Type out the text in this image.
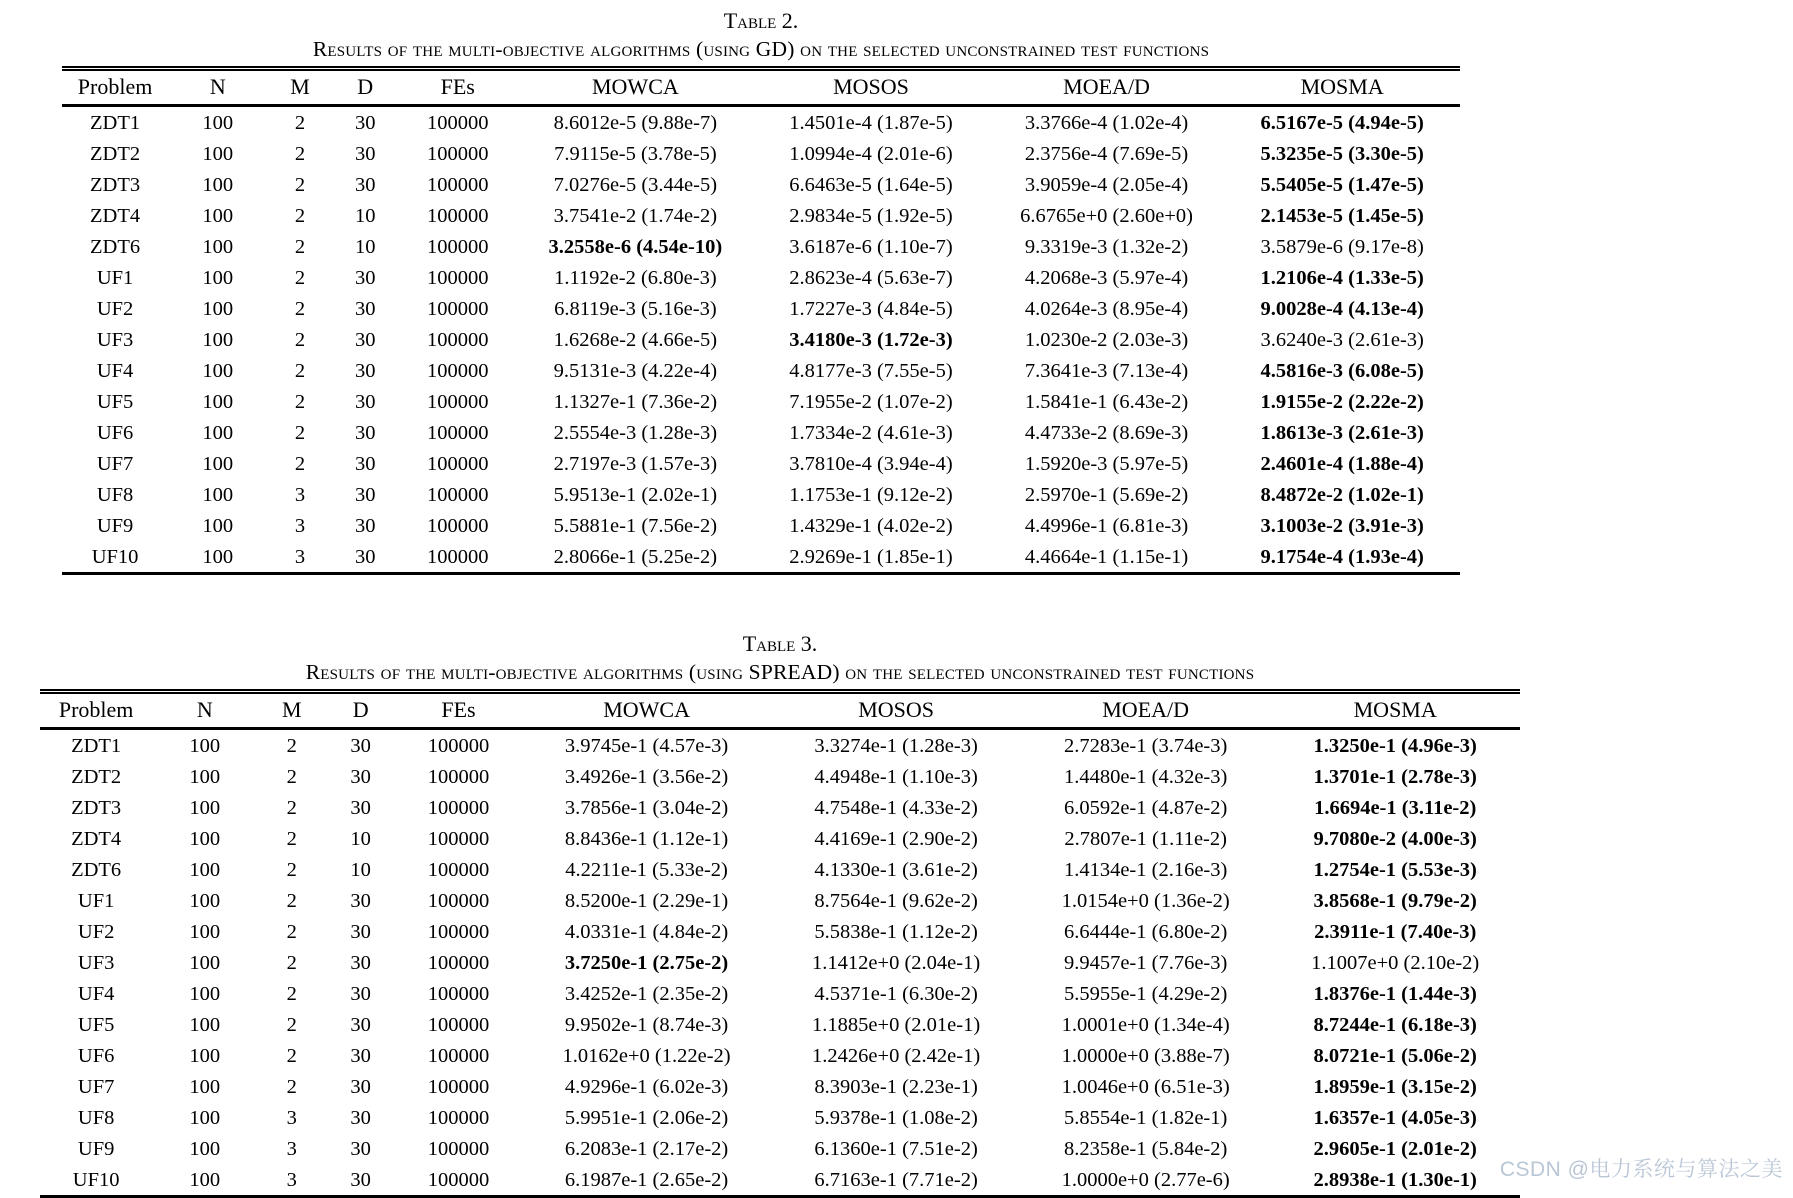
Table 2.
Results of the multi-objective algorithms (using GD) on the selected unconstrained test functions
Problem	N	M	D	FEs	MOWCA	MOSOS	MOEA/D	MOSMA
ZDT1	100	2	30	100000	8.6012e-5 (9.88e-7)	1.4501e-4 (1.87e-5)	3.3766e-4 (1.02e-4)	6.5167e-5 (4.94e-5)
ZDT2	100	2	30	100000	7.9115e-5 (3.78e-5)	1.0994e-4 (2.01e-6)	2.3756e-4 (7.69e-5)	5.3235e-5 (3.30e-5)
ZDT3	100	2	30	100000	7.0276e-5 (3.44e-5)	6.6463e-5 (1.64e-5)	3.9059e-4 (2.05e-4)	5.5405e-5 (1.47e-5)
ZDT4	100	2	10	100000	3.7541e-2 (1.74e-2)	2.9834e-5 (1.92e-5)	6.6765e+0 (2.60e+0)	2.1453e-5 (1.45e-5)
ZDT6	100	2	10	100000	3.2558e-6 (4.54e-10)	3.6187e-6 (1.10e-7)	9.3319e-3 (1.32e-2)	3.5879e-6 (9.17e-8)
UF1	100	2	30	100000	1.1192e-2 (6.80e-3)	2.8623e-4 (5.63e-7)	4.2068e-3 (5.97e-4)	1.2106e-4 (1.33e-5)
UF2	100	2	30	100000	6.8119e-3 (5.16e-3)	1.7227e-3 (4.84e-5)	4.0264e-3 (8.95e-4)	9.0028e-4 (4.13e-4)
UF3	100	2	30	100000	1.6268e-2 (4.66e-5)	3.4180e-3 (1.72e-3)	1.0230e-2 (2.03e-3)	3.6240e-3 (2.61e-3)
UF4	100	2	30	100000	9.5131e-3 (4.22e-4)	4.8177e-3 (7.55e-5)	7.3641e-3 (7.13e-4)	4.5816e-3 (6.08e-5)
UF5	100	2	30	100000	1.1327e-1 (7.36e-2)	7.1955e-2 (1.07e-2)	1.5841e-1 (6.43e-2)	1.9155e-2 (2.22e-2)
UF6	100	2	30	100000	2.5554e-3 (1.28e-3)	1.7334e-2 (4.61e-3)	4.4733e-2 (8.69e-3)	1.8613e-3 (2.61e-3)
UF7	100	2	30	100000	2.7197e-3 (1.57e-3)	3.7810e-4 (3.94e-4)	1.5920e-3 (5.97e-5)	2.4601e-4 (1.88e-4)
UF8	100	3	30	100000	5.9513e-1 (2.02e-1)	1.1753e-1 (9.12e-2)	2.5970e-1 (5.69e-2)	8.4872e-2 (1.02e-1)
UF9	100	3	30	100000	5.5881e-1 (7.56e-2)	1.4329e-1 (4.02e-2)	4.4996e-1 (6.81e-3)	3.1003e-2 (3.91e-3)
UF10	100	3	30	100000	2.8066e-1 (5.25e-2)	2.9269e-1 (1.85e-1)	4.4664e-1 (1.15e-1)	9.1754e-4 (1.93e-4)
Table 3.
Results of the multi-objective algorithms (using SPREAD) on the selected unconstrained test functions
Problem	N	M	D	FEs	MOWCA	MOSOS	MOEA/D	MOSMA
ZDT1	100	2	30	100000	3.9745e-1 (4.57e-3)	3.3274e-1 (1.28e-3)	2.7283e-1 (3.74e-3)	1.3250e-1 (4.96e-3)
ZDT2	100	2	30	100000	3.4926e-1 (3.56e-2)	4.4948e-1 (1.10e-3)	1.4480e-1 (4.32e-3)	1.3701e-1 (2.78e-3)
ZDT3	100	2	30	100000	3.7856e-1 (3.04e-2)	4.7548e-1 (4.33e-2)	6.0592e-1 (4.87e-2)	1.6694e-1 (3.11e-2)
ZDT4	100	2	10	100000	8.8436e-1 (1.12e-1)	4.4169e-1 (2.90e-2)	2.7807e-1 (1.11e-2)	9.7080e-2 (4.00e-3)
ZDT6	100	2	10	100000	4.2211e-1 (5.33e-2)	4.1330e-1 (3.61e-2)	1.4134e-1 (2.16e-3)	1.2754e-1 (5.53e-3)
UF1	100	2	30	100000	8.5200e-1 (2.29e-1)	8.7564e-1 (9.62e-2)	1.0154e+0 (1.36e-2)	3.8568e-1 (9.79e-2)
UF2	100	2	30	100000	4.0331e-1 (4.84e-2)	5.5838e-1 (1.12e-2)	6.6444e-1 (6.80e-2)	2.3911e-1 (7.40e-3)
UF3	100	2	30	100000	3.7250e-1 (2.75e-2)	1.1412e+0 (2.04e-1)	9.9457e-1 (7.76e-3)	1.1007e+0 (2.10e-2)
UF4	100	2	30	100000	3.4252e-1 (2.35e-2)	4.5371e-1 (6.30e-2)	5.5955e-1 (4.29e-2)	1.8376e-1 (1.44e-3)
UF5	100	2	30	100000	9.9502e-1 (8.74e-3)	1.1885e+0 (2.01e-1)	1.0001e+0 (1.34e-4)	8.7244e-1 (6.18e-3)
UF6	100	2	30	100000	1.0162e+0 (1.22e-2)	1.2426e+0 (2.42e-1)	1.0000e+0 (3.88e-7)	8.0721e-1 (5.06e-2)
UF7	100	2	30	100000	4.9296e-1 (6.02e-3)	8.3903e-1 (2.23e-1)	1.0046e+0 (6.51e-3)	1.8959e-1 (3.15e-2)
UF8	100	3	30	100000	5.9951e-1 (2.06e-2)	5.9378e-1 (1.08e-2)	5.8554e-1 (1.82e-1)	1.6357e-1 (4.05e-3)
UF9	100	3	30	100000	6.2083e-1 (2.17e-2)	6.1360e-1 (7.51e-2)	8.2358e-1 (5.84e-2)	2.9605e-1 (2.01e-2)
UF10	100	3	30	100000	6.1987e-1 (2.65e-2)	6.7163e-1 (7.71e-2)	1.0000e+0 (2.77e-6)	2.8938e-1 (1.30e-1) CSDN @电力系统与算法之美
